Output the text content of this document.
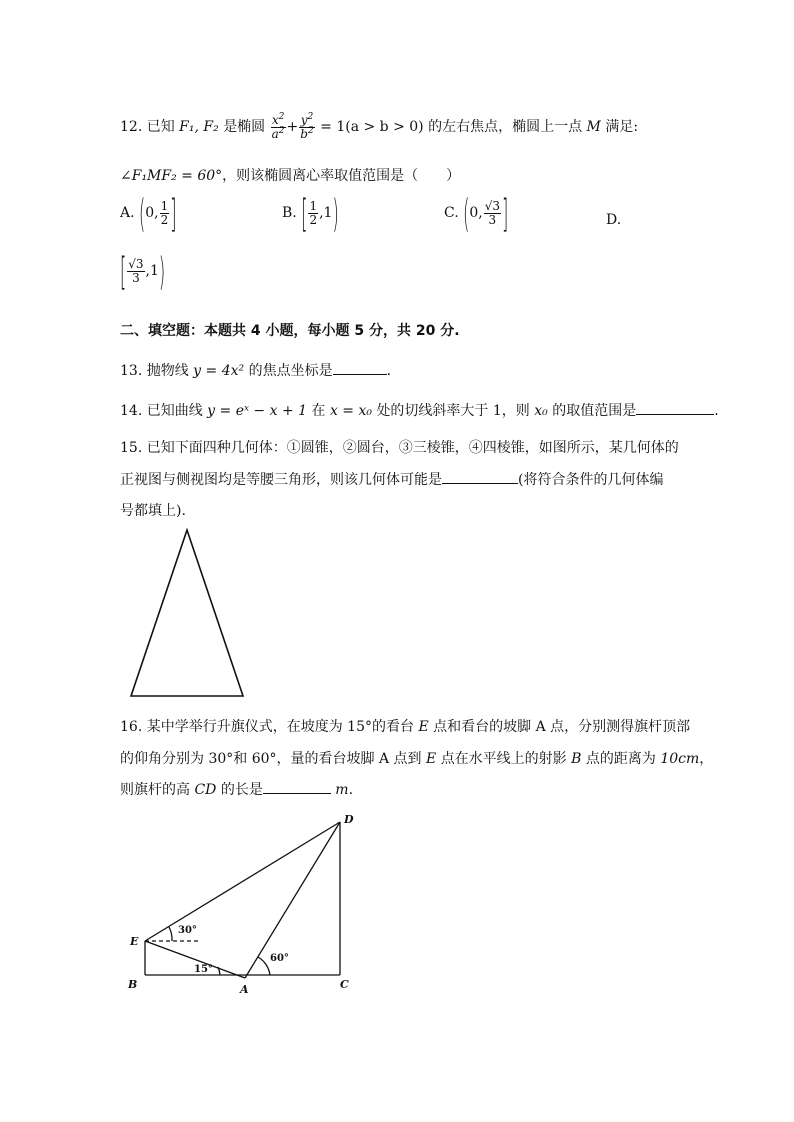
12. 已知 F₁, F₂ 是椭圆 $\frac{x^2}{a^2} + \frac{y^2}{b^2} = 1(a > b > 0)$ 的左右焦点，椭圆上一点 M 满足:
∠F₁MF₂ = 60°，则该椭圆离心率取值范围是（　　）
A. (0, $\frac{1}{2}$ ]	B. [ $\frac{1}{2} ,1$)	C. (0, $\frac{√3}{3}$ ]	D.
[ $\frac{√3}{3} ,1$)
二、填空题：本题共 4 小题，每小题 5 分，共 20 分.
13. 抛物线 y = 4x² 的焦点坐标是	.
14. 已知曲线 y = eˣ − x + 1 在 x = x₀ 处的切线斜率大于 1，则 x₀ 的取值范围是	.
15. 已知下面四种几何体：①圆锥，②圆台，③三棱锥，④四棱锥，如图所示，某几何体的
正视图与侧视图均是等腰三角形，则该几何体可能是	(将符合条件的几何体编
号都填上).
16. 某中学举行升旗仪式，在坡度为 15°的看台 E 点和看台的坡脚 A 点，分别测得旗杆顶部
的仰角分别为 30°和 60°，量的看台坡脚 A 点到 E 点在水平线上的射影 B 点的距离为 10cm，
则旗杆的高 CD 的长是	m.
D
E
B	A	C
30°
15°
60°
